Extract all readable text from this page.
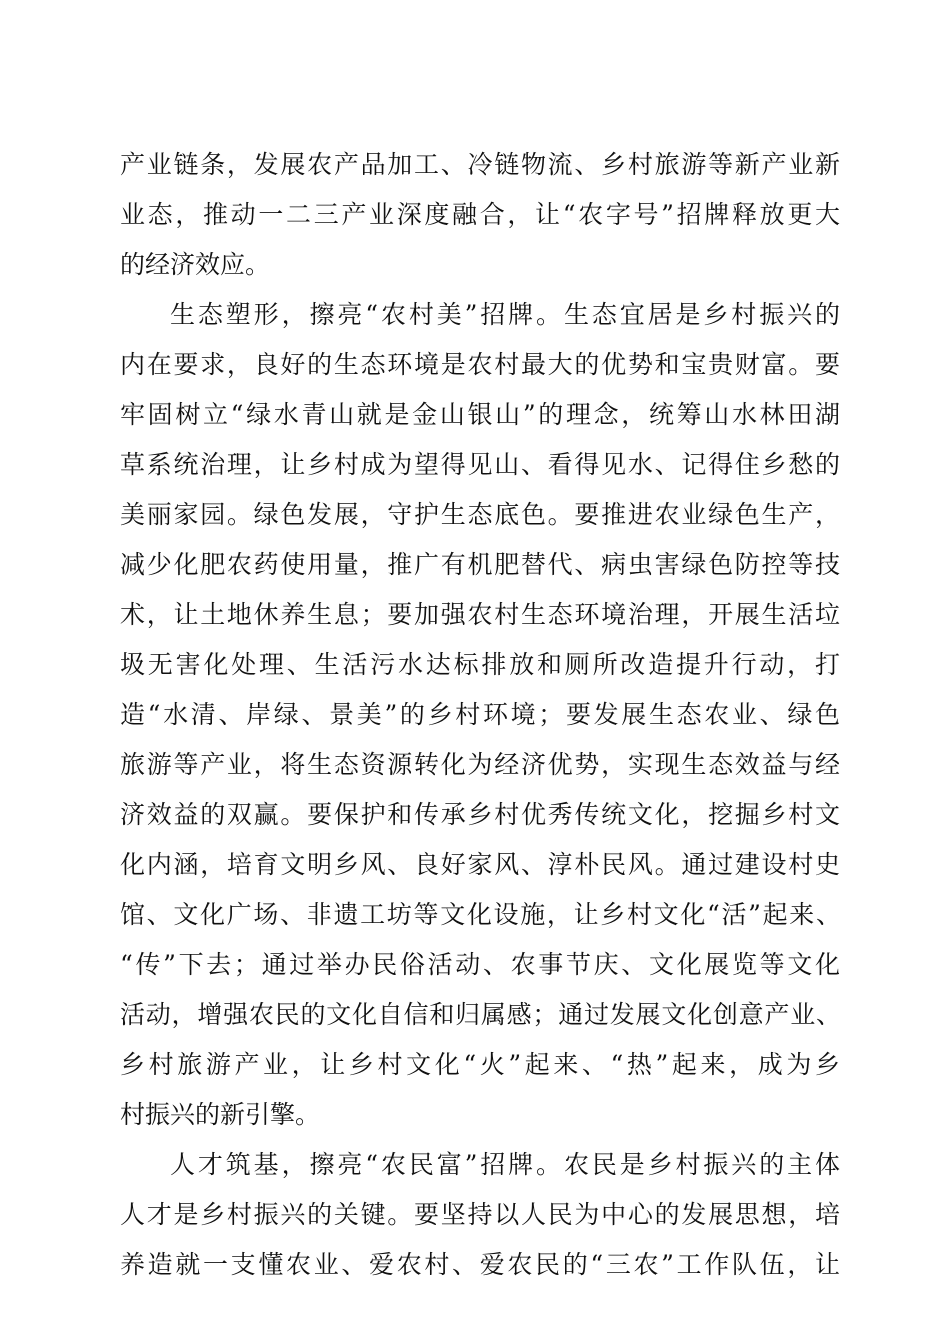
产业链条，发展农产品加工、冷链物流、乡村旅游等新产业新
业态，推动一二三产业深度融合，让“农字号”招牌释放更大
的经济效应。
生态塑形，擦亮“农村美”招牌。生态宜居是乡村振兴的
内在要求，良好的生态环境是农村最大的优势和宝贵财富。要
牢固树立“绿水青山就是金山银山”的理念，统筹山水林田湖
草系统治理，让乡村成为望得见山、看得见水、记得住乡愁的
美丽家园。绿色发展，守护生态底色。要推进农业绿色生产，
减少化肥农药使用量，推广有机肥替代、病虫害绿色防控等技
术，让土地休养生息；要加强农村生态环境治理，开展生活垃
圾无害化处理、生活污水达标排放和厕所改造提升行动，打
造“水清、岸绿、景美”的乡村环境；要发展生态农业、绿色
旅游等产业，将生态资源转化为经济优势，实现生态效益与经
济效益的双赢。要保护和传承乡村优秀传统文化，挖掘乡村文
化内涵，培育文明乡风、良好家风、淳朴民风。通过建设村史
馆、文化广场、非遗工坊等文化设施，让乡村文化“活”起来、
“传”下去；通过举办民俗活动、农事节庆、文化展览等文化
活动，增强农民的文化自信和归属感；通过发展文化创意产业、
乡村旅游产业，让乡村文化“火”起来、“热”起来，成为乡
村振兴的新引擎。
人才筑基，擦亮“农民富”招牌。农民是乡村振兴的主体
人才是乡村振兴的关键。要坚持以人民为中心的发展思想，培
养造就一支懂农业、爱农村、爱农民的“三农”工作队伍，让
